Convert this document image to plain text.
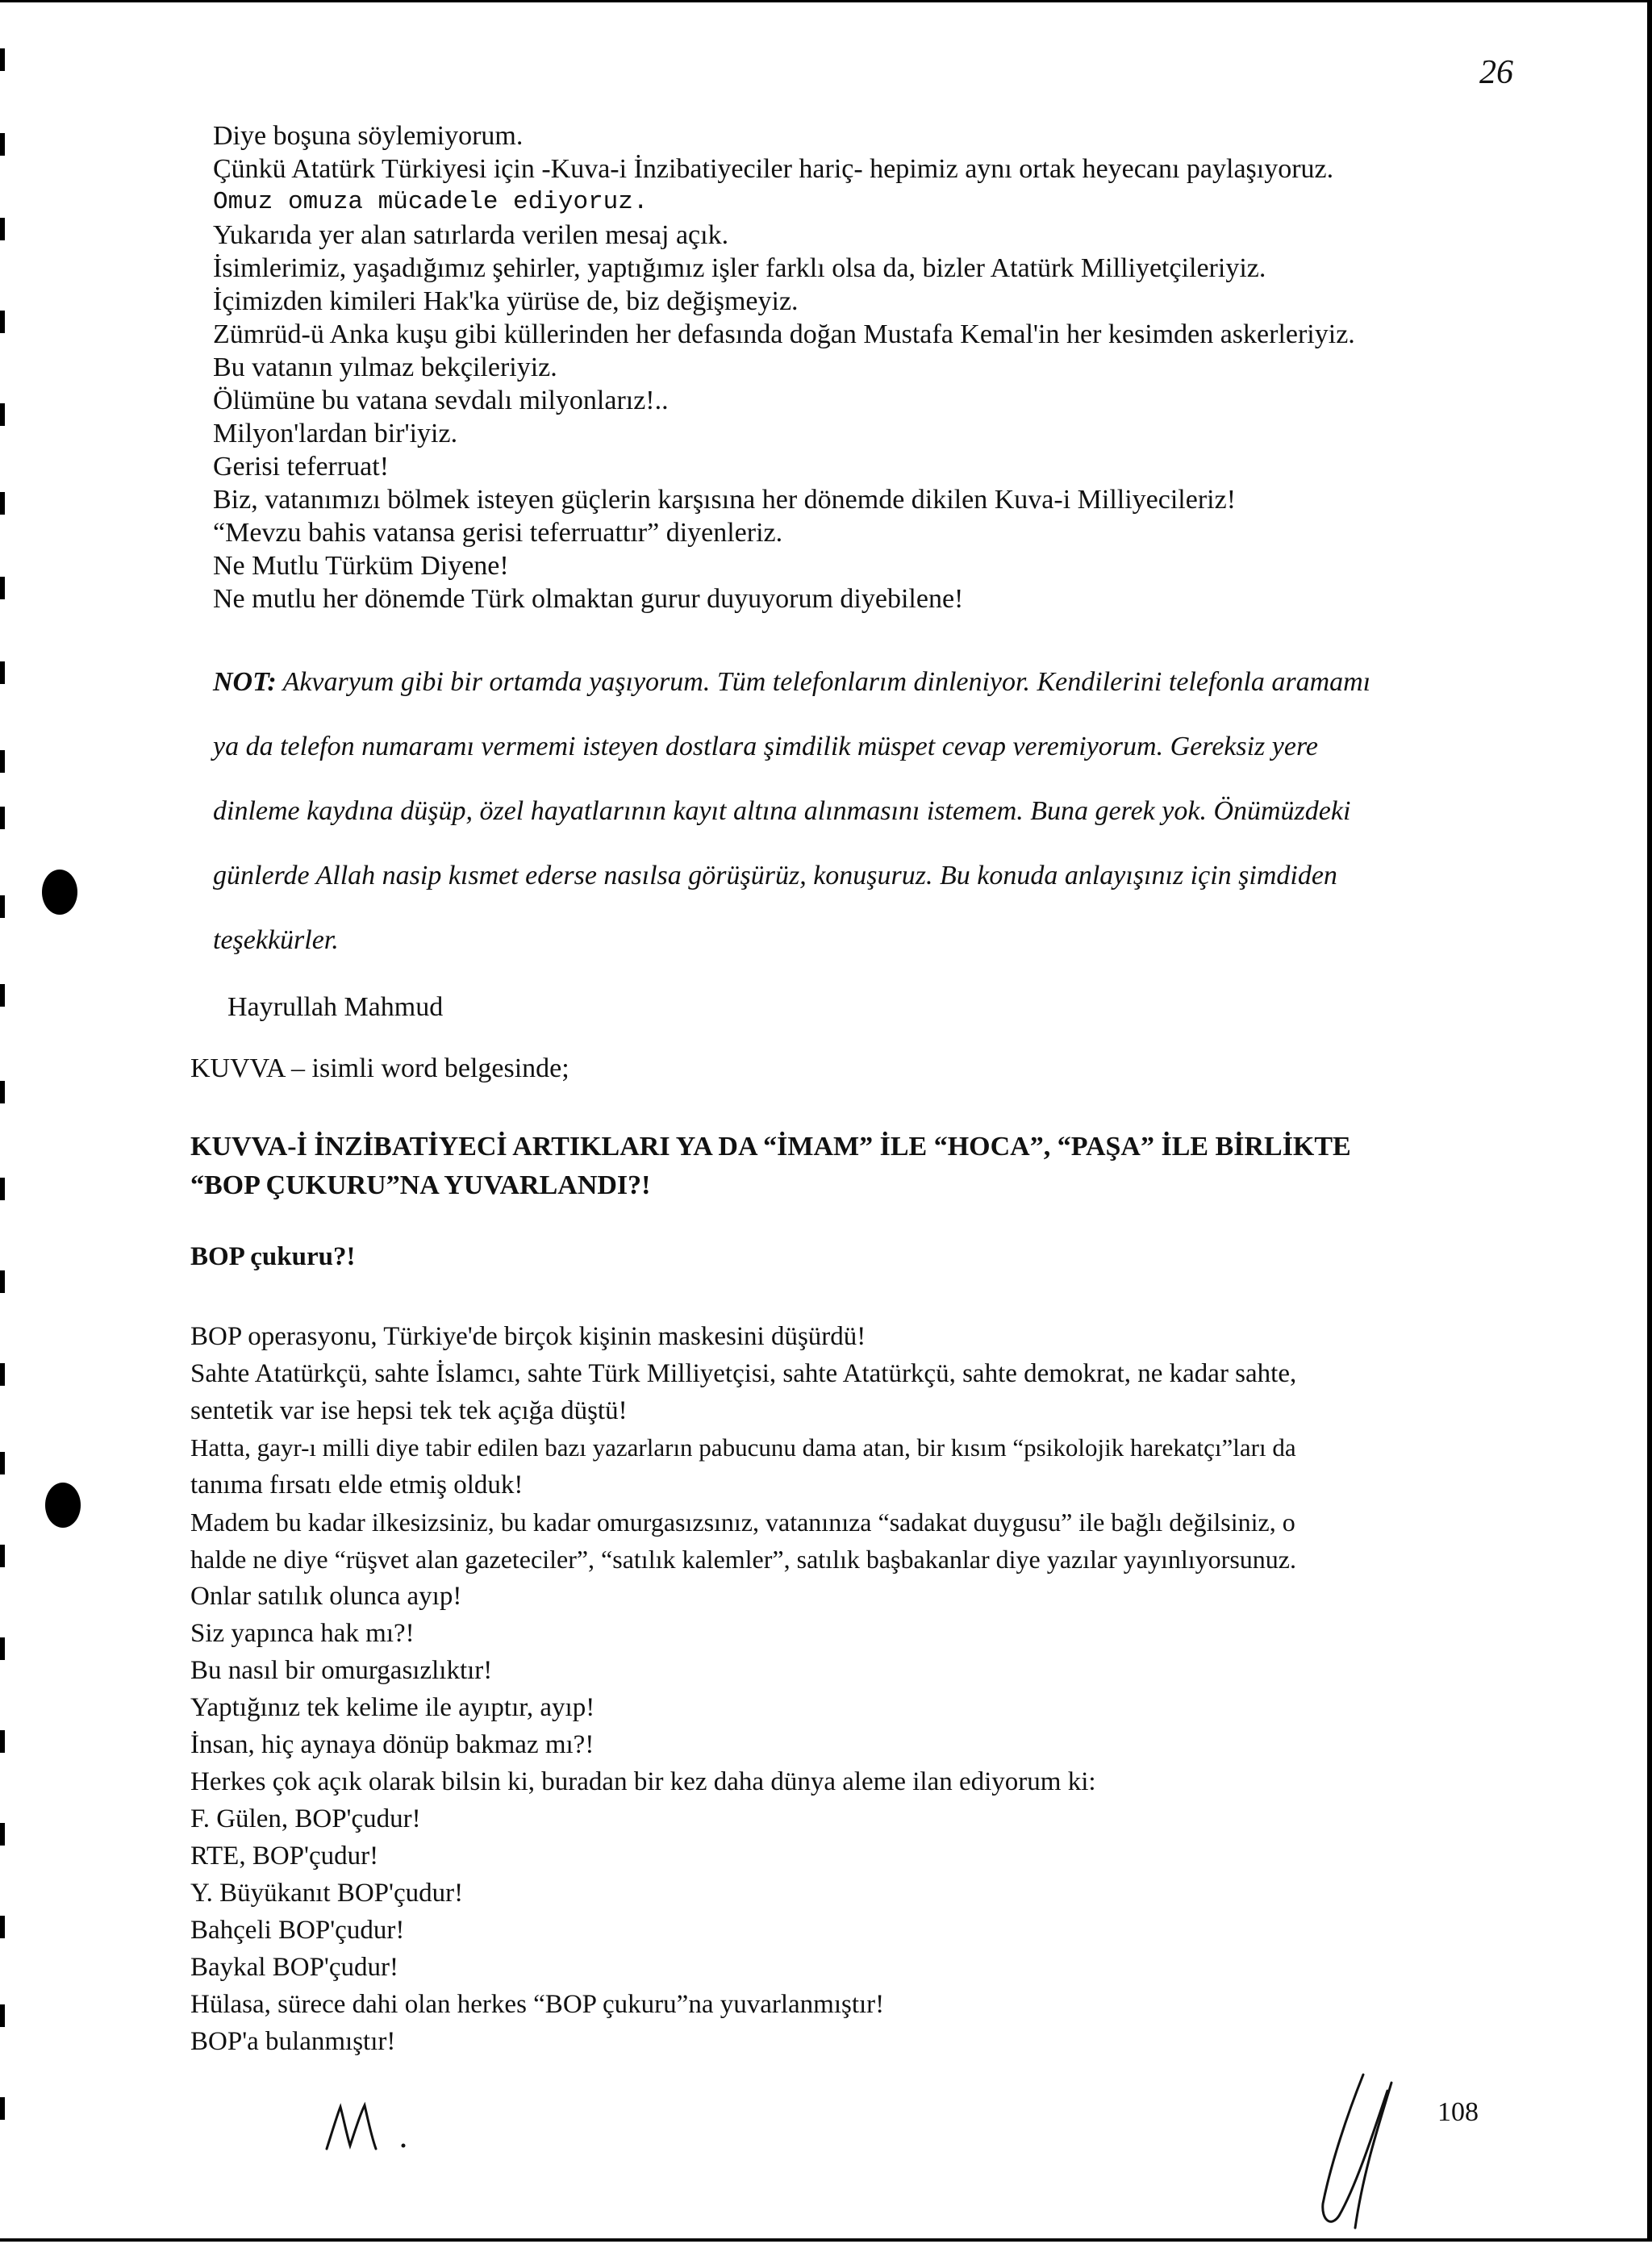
26
Diye boşuna söylemiyorum.
Çünkü Atatürk Türkiyesi için -Kuva-i İnzibatiyeciler hariç- hepimiz aynı ortak heyecanı paylaşıyoruz.
Omuz omuza mücadele ediyoruz.
Yukarıda yer alan satırlarda verilen mesaj açık.
İsimlerimiz, yaşadığımız şehirler, yaptığımız işler farklı olsa da, bizler Atatürk Milliyetçileriyiz.
İçimizden kimileri Hak'ka yürüse de, biz değişmeyiz.
Zümrüd-ü Anka kuşu gibi küllerinden her defasında doğan Mustafa Kemal'in her kesimden askerleriyiz.
Bu vatanın yılmaz bekçileriyiz.
Ölümüne bu vatana sevdalı milyonlarız!..
Milyon'lardan bir'iyiz.
Gerisi teferruat!
Biz, vatanımızı bölmek isteyen güçlerin karşısına her dönemde dikilen Kuva-i Milliyecileriz!
“Mevzu bahis vatansa gerisi teferruattır” diyenleriz.
Ne Mutlu Türküm Diyene!
Ne mutlu her dönemde Türk olmaktan gurur duyuyorum diyebilene!
NOT: Akvaryum gibi bir ortamda yaşıyorum. Tüm telefonlarım dinleniyor. Kendilerini telefonla aramamı
ya da telefon numaramı vermemi isteyen dostlara şimdilik müspet cevap veremiyorum. Gereksiz yere
dinleme kaydına düşüp, özel hayatlarının kayıt altına alınmasını istemem. Buna gerek yok. Önümüzdeki
günlerde Allah nasip kısmet ederse nasılsa görüşürüz, konuşuruz. Bu konuda anlayışınız için şimdiden
teşekkürler.
Hayrullah Mahmud
KUVVA – isimli word belgesinde;
KUVVA-İ İNZİBATİYECİ ARTIKLARI YA DA “İMAM” İLE “HOCA”, “PAŞA” İLE BİRLİKTE
“BOP ÇUKURU”NA YUVARLANDI?!
BOP çukuru?!
BOP operasyonu, Türkiye'de birçok kişinin maskesini düşürdü!
Sahte Atatürkçü, sahte İslamcı, sahte Türk Milliyetçisi, sahte Atatürkçü, sahte demokrat, ne kadar sahte,
sentetik var ise hepsi tek tek açığa düştü!
Hatta, gayr-ı milli diye tabir edilen bazı yazarların pabucunu dama atan, bir kısım “psikolojik harekatçı”ları da
tanıma fırsatı elde etmiş olduk!
Madem bu kadar ilkesizsiniz, bu kadar omurgasızsınız, vatanınıza “sadakat duygusu” ile bağlı değilsiniz, o
halde ne diye “rüşvet alan gazeteciler”, “satılık kalemler”, satılık başbakanlar diye yazılar yayınlıyorsunuz.
Onlar satılık olunca ayıp!
Siz yapınca hak mı?!
Bu nasıl bir omurgasızlıktır!
Yaptığınız tek kelime ile ayıptır, ayıp!
İnsan, hiç aynaya dönüp bakmaz mı?!
Herkes çok açık olarak bilsin ki, buradan bir kez daha dünya aleme ilan ediyorum ki:
F. Gülen, BOP'çudur!
RTE, BOP'çudur!
Y. Büyükanıt BOP'çudur!
Bahçeli BOP'çudur!
Baykal BOP'çudur!
Hülasa, sürece dahi olan herkes “BOP çukuru”na yuvarlanmıştır!
BOP'a bulanmıştır!
108
